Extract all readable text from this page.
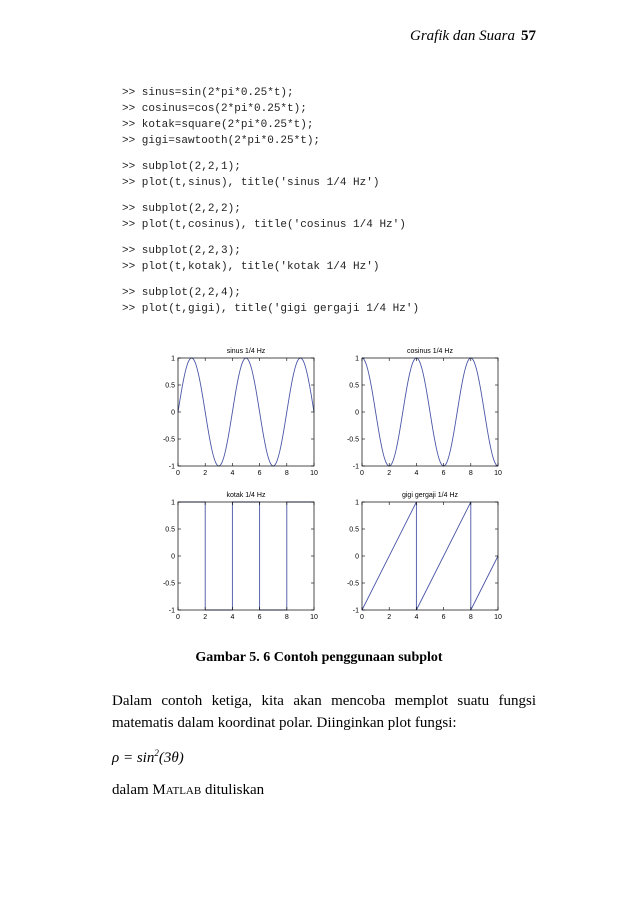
Grafik dan Suara 57
>> sinus=sin(2*pi*0.25*t);
>> cosinus=cos(2*pi*0.25*t);
>> kotak=square(2*pi*0.25*t);
>> gigi=sawtooth(2*pi*0.25*t);
>> subplot(2,2,1);
>> plot(t,sinus), title('sinus 1/4 Hz')
>> subplot(2,2,2);
>> plot(t,cosinus), title('cosinus 1/4 Hz')
>> subplot(2,2,3);
>> plot(t,kotak), title('kotak 1/4 Hz')
>> subplot(2,2,4);
>> plot(t,gigi), title('gigi gergaji 1/4 Hz')
sinus 1/4 Hz
0	2	4	6	8	10
1
0.5
0
-0.5
-1
cosinus 1/4 Hz
0	2	4	6	8	10
1
0.5
0
-0.5
-1
kotak 1/4 Hz
0	2	4	6	8	10
1
0.5
0
-0.5
-1
gigi gergaji 1/4 Hz
0	2	4	6	8	10
1
0.5
0
-0.5
-1
Gambar 5. 6 Contoh penggunaan subplot
Dalam contoh ketiga, kita akan mencoba memplot suatu fungsi matematis dalam koordinat polar. Diinginkan plot fungsi:
$\rho = \sin^2(3\theta)$
dalam Matlab dituliskan
